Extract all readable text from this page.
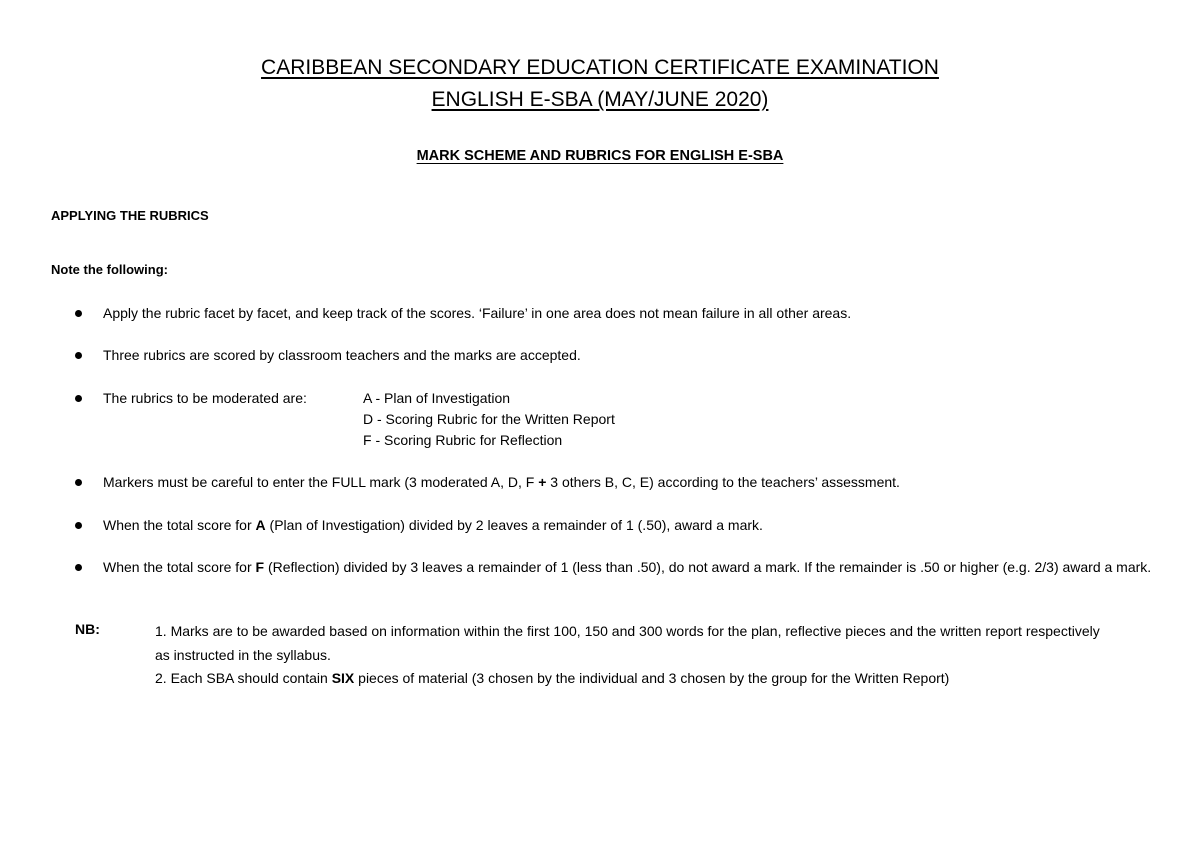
CARIBBEAN SECONDARY EDUCATION CERTIFICATE EXAMINATION
ENGLISH E-SBA (MAY/JUNE 2020)
MARK SCHEME AND RUBRICS FOR ENGLISH E-SBA
APPLYING THE RUBRICS
Note the following:
Apply the rubric facet by facet, and keep track of the scores. ‘Failure’ in one area does not mean failure in all other areas.
Three rubrics are scored by classroom teachers and the marks are accepted.
The rubrics to be moderated are:
Markers must be careful to enter the FULL mark (3 moderated A, D, F + 3 others B, C, E) according to the teachers’ assessment.
When the total score for A (Plan of Investigation) divided by 2 leaves a remainder of 1 (.50), award a mark.
When the total score for F (Reflection) divided by 3 leaves a remainder of 1 (less than .50), do not award a mark. If the remainder is .50 or higher (e.g. 2/3) award a mark.
A - Plan of Investigation
D - Scoring Rubric for the Written Report
F - Scoring Rubric for Reflection
NB:	1. Marks are to be awarded based on information within the first 100, 150 and 300 words for the plan, reflective pieces and the written report respectively as instructed in the syllabus.
2. Each SBA should contain SIX pieces of material (3 chosen by the individual and 3 chosen by the group for the Written Report)
